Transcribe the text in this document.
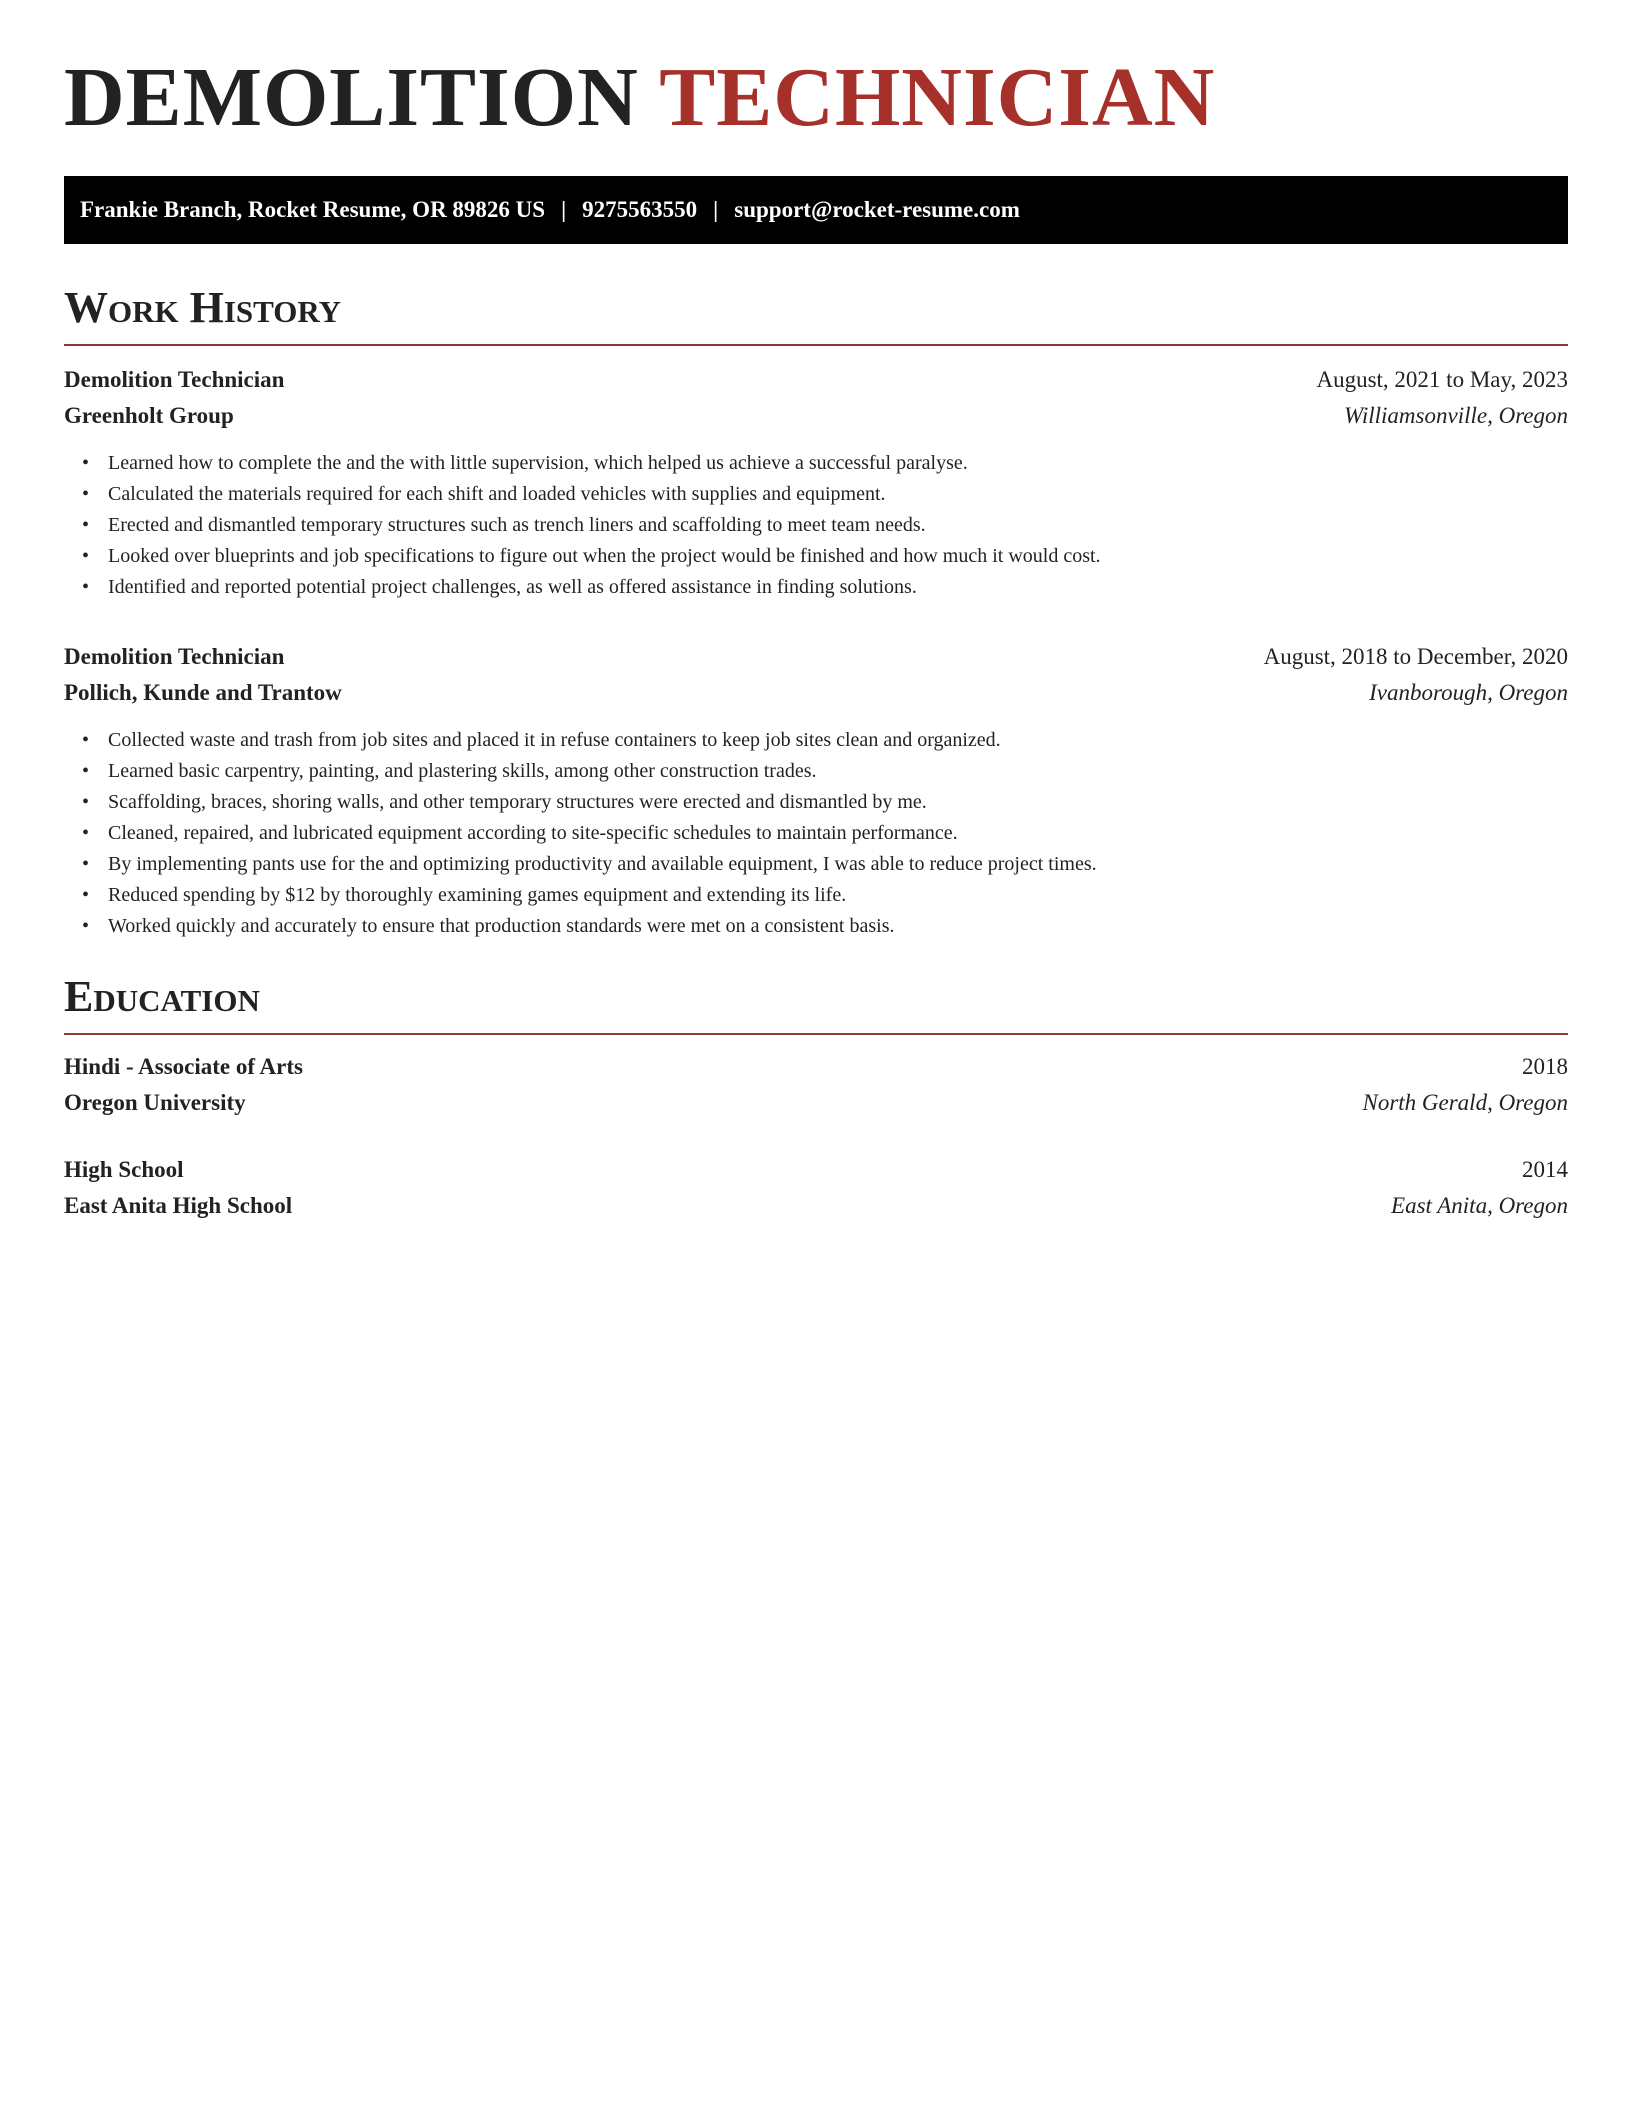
DEMOLITION TECHNICIAN
Frankie Branch, Rocket Resume, OR 89826 US | 9275563550 | support@rocket-resume.com
Work History
Demolition Technician	August, 2021 to May, 2023
Greenholt Group	Williamsonville, Oregon
• Learned how to complete the and the with little supervision, which helped us achieve a successful paralyse.
• Calculated the materials required for each shift and loaded vehicles with supplies and equipment.
• Erected and dismantled temporary structures such as trench liners and scaffolding to meet team needs.
• Looked over blueprints and job specifications to figure out when the project would be finished and how much it would cost.
• Identified and reported potential project challenges, as well as offered assistance in finding solutions.
Demolition Technician	August, 2018 to December, 2020
Pollich, Kunde and Trantow	Ivanborough, Oregon
• Collected waste and trash from job sites and placed it in refuse containers to keep job sites clean and organized.
• Learned basic carpentry, painting, and plastering skills, among other construction trades.
• Scaffolding, braces, shoring walls, and other temporary structures were erected and dismantled by me.
• Cleaned, repaired, and lubricated equipment according to site-specific schedules to maintain performance.
• By implementing pants use for the and optimizing productivity and available equipment, I was able to reduce project times.
• Reduced spending by $12 by thoroughly examining games equipment and extending its life.
• Worked quickly and accurately to ensure that production standards were met on a consistent basis.
Education
Hindi - Associate of Arts	2018
Oregon University	North Gerald, Oregon
High School	2014
East Anita High School	East Anita, Oregon
